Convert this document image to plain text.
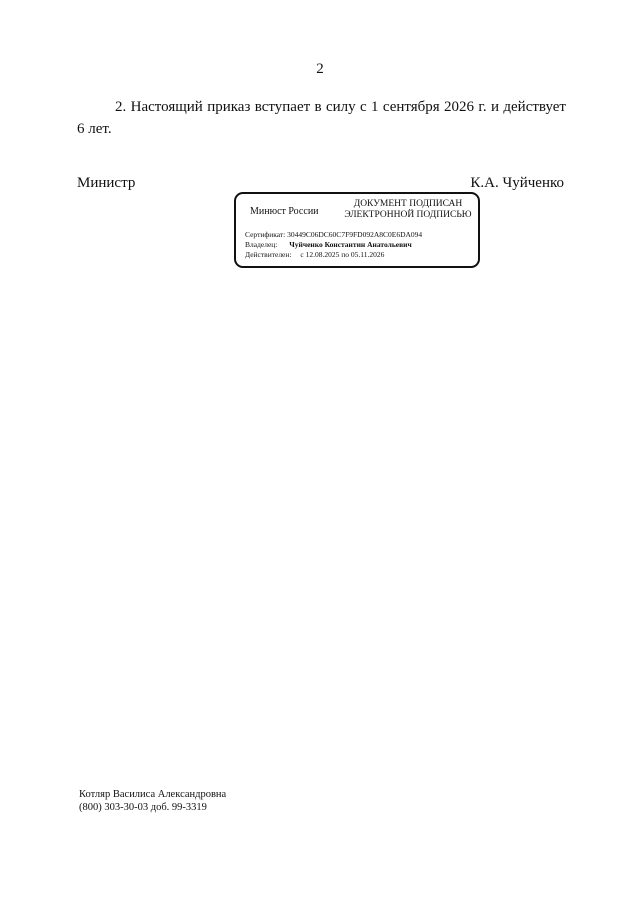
2
2. Настоящий приказ вступает в силу с 1 сентября 2026 г. и действует 6 лет.
Министр	К.А. Чуйченко
Минюст России
ДОКУМЕНТ ПОДПИСАН
ЭЛЕКТРОННОЙ ПОДПИСЬЮ
Сертификат: 30449C06DC60C7F9FD092A8C0E6DA094
Владелец: Чуйченко Константин Анатольевич
Действителен: с 12.08.2025 по 05.11.2026
Котляр Василиса Александровна
(800) 303-30-03 доб. 99-3319
